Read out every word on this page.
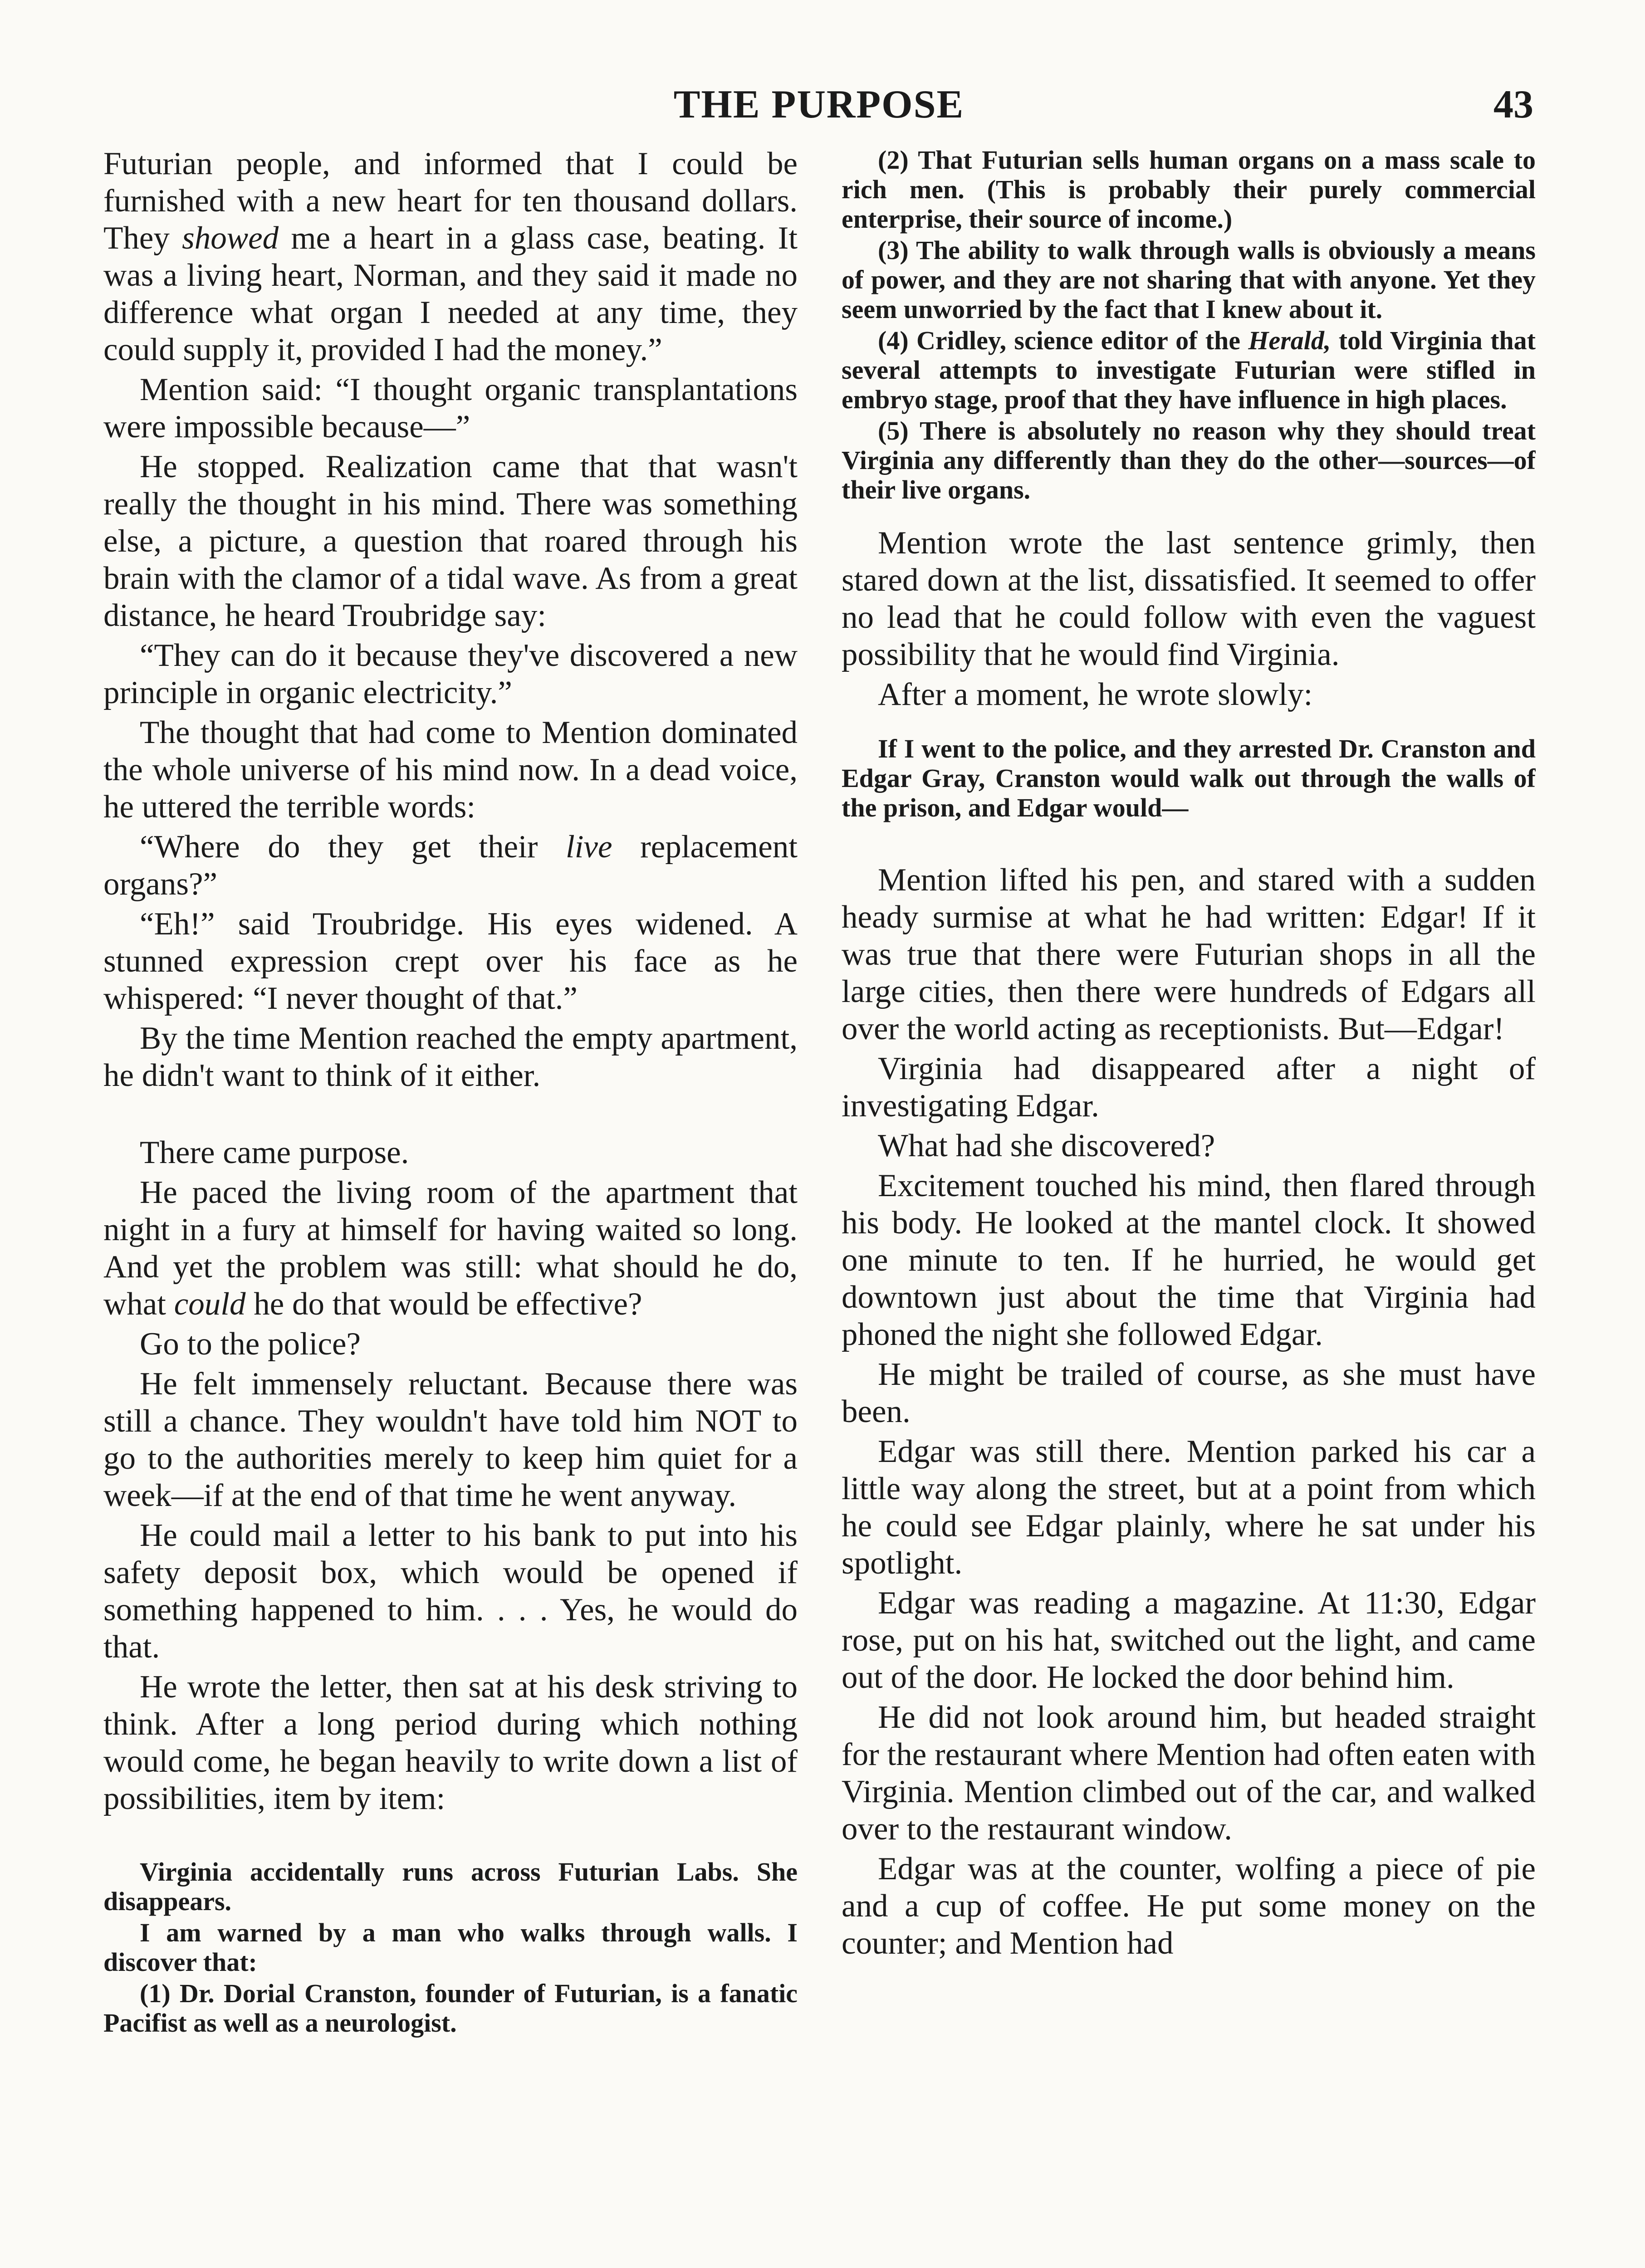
THE PURPOSE	43

Futurian people, and informed that I could be furnished with a new heart for ten thousand dollars. They showed me a heart in a glass case, beating. It was a living heart, Norman, and they said it made no difference what organ I needed at any time, they could supply it, provided I had the money.”

Mention said: “I thought organic transplantations were impossible because—”

He stopped. Realization came that that wasn't really the thought in his mind. There was something else, a picture, a question that roared through his brain with the clamor of a tidal wave. As from a great distance, he heard Troubridge say:

“They can do it because they've discovered a new principle in organic electricity.”

The thought that had come to Mention dominated the whole universe of his mind now. In a dead voice, he uttered the terrible words:

“Where do they get their live replacement organs?”

“Eh!” said Troubridge. His eyes widened. A stunned expression crept over his face as he whispered: “I never thought of that.”

By the time Mention reached the empty apartment, he didn't want to think of it either.

There came purpose.

He paced the living room of the apartment that night in a fury at himself for having waited so long. And yet the problem was still: what should he do, what could he do that would be effective?

Go to the police?

He felt immensely reluctant. Because there was still a chance. They wouldn't have told him NOT to go to the authorities merely to keep him quiet for a week—if at the end of that time he went anyway.

He could mail a letter to his bank to put into his safety deposit box, which would be opened if something happened to him. . . . Yes, he would do that.

He wrote the letter, then sat at his desk striving to think. After a long period during which nothing would come, he began heavily to write down a list of possibilities, item by item:

Virginia accidentally runs across Futurian Labs. She disappears.

I am warned by a man who walks through walls. I discover that:

(1) Dr. Dorial Cranston, founder of Futurian, is a fanatic Pacifist as well as a neurologist.

(2) That Futurian sells human organs on a mass scale to rich men. (This is probably their purely commercial enterprise, their source of income.)

(3) The ability to walk through walls is obviously a means of power, and they are not sharing that with anyone. Yet they seem unworried by the fact that I knew about it.

(4) Cridley, science editor of the Herald, told Virginia that several attempts to investigate Futurian were stifled in embryo stage, proof that they have influence in high places.

(5) There is absolutely no reason why they should treat Virginia any differently than they do the other—sources—of their live organs.

Mention wrote the last sentence grimly, then stared down at the list, dissatisfied. It seemed to offer no lead that he could follow with even the vaguest possibility that he would find Virginia.

After a moment, he wrote slowly:

If I went to the police, and they arrested Dr. Cranston and Edgar Gray, Cranston would walk out through the walls of the prison, and Edgar would—

Mention lifted his pen, and stared with a sudden heady surmise at what he had written: Edgar! If it was true that there were Futurian shops in all the large cities, then there were hundreds of Edgars all over the world acting as receptionists. But—Edgar!

Virginia had disappeared after a night of investigating Edgar.

What had she discovered?

Excitement touched his mind, then flared through his body. He looked at the mantel clock. It showed one minute to ten. If he hurried, he would get downtown just about the time that Virginia had phoned the night she followed Edgar.

He might be trailed of course, as she must have been.

Edgar was still there. Mention parked his car a little way along the street, but at a point from which he could see Edgar plainly, where he sat under his spotlight.

Edgar was reading a magazine. At 11:30, Edgar rose, put on his hat, switched out the light, and came out of the door. He locked the door behind him.

He did not look around him, but headed straight for the restaurant where Mention had often eaten with Virginia. Mention climbed out of the car, and walked over to the restaurant window.

Edgar was at the counter, wolfing a piece of pie and a cup of coffee. He put some money on the counter; and Mention had
